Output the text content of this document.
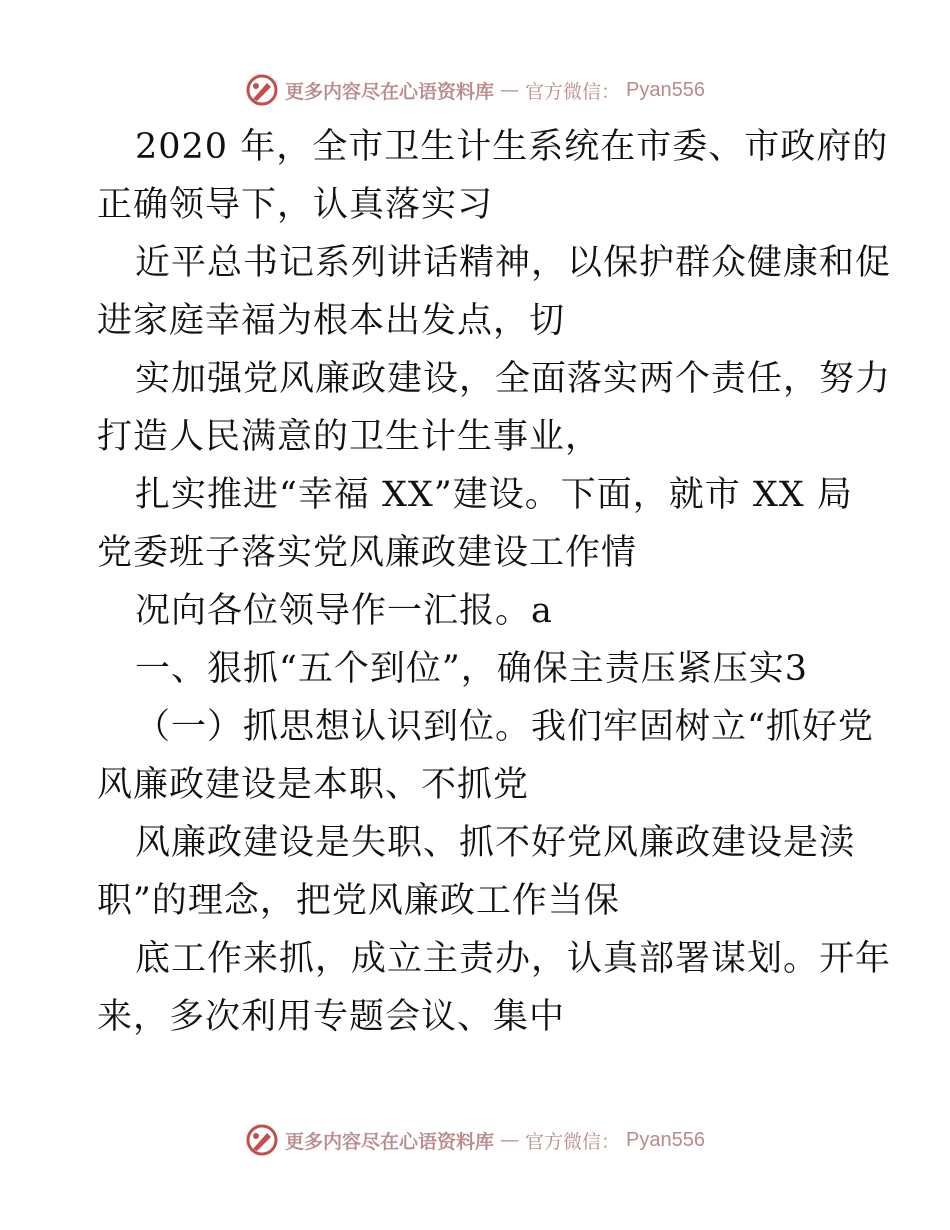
更多内容尽在心语资料库 — 官方微信： Pyan556
2020 年，全市卫生计生系统在市委、市政府的
正确领导下，认真落实习
近平总书记系列讲话精神，以保护群众健康和促
进家庭幸福为根本出发点，切
实加强党风廉政建设，全面落实两个责任，努力
打造人民满意的卫生计生事业，
扎实推进“幸福 XX”建设。下面，就市 XX 局
党委班子落实党风廉政建设工作情
况向各位领导作一汇报。a
一、狠抓“五个到位”，确保主责压紧压实3
（一）抓思想认识到位。我们牢固树立“抓好党
风廉政建设是本职、不抓党
风廉政建设是失职、抓不好党风廉政建设是渎
职”的理念，把党风廉政工作当保
底工作来抓，成立主责办，认真部署谋划。开年
来，多次利用专题会议、集中
更多内容尽在心语资料库 — 官方微信： Pyan556
